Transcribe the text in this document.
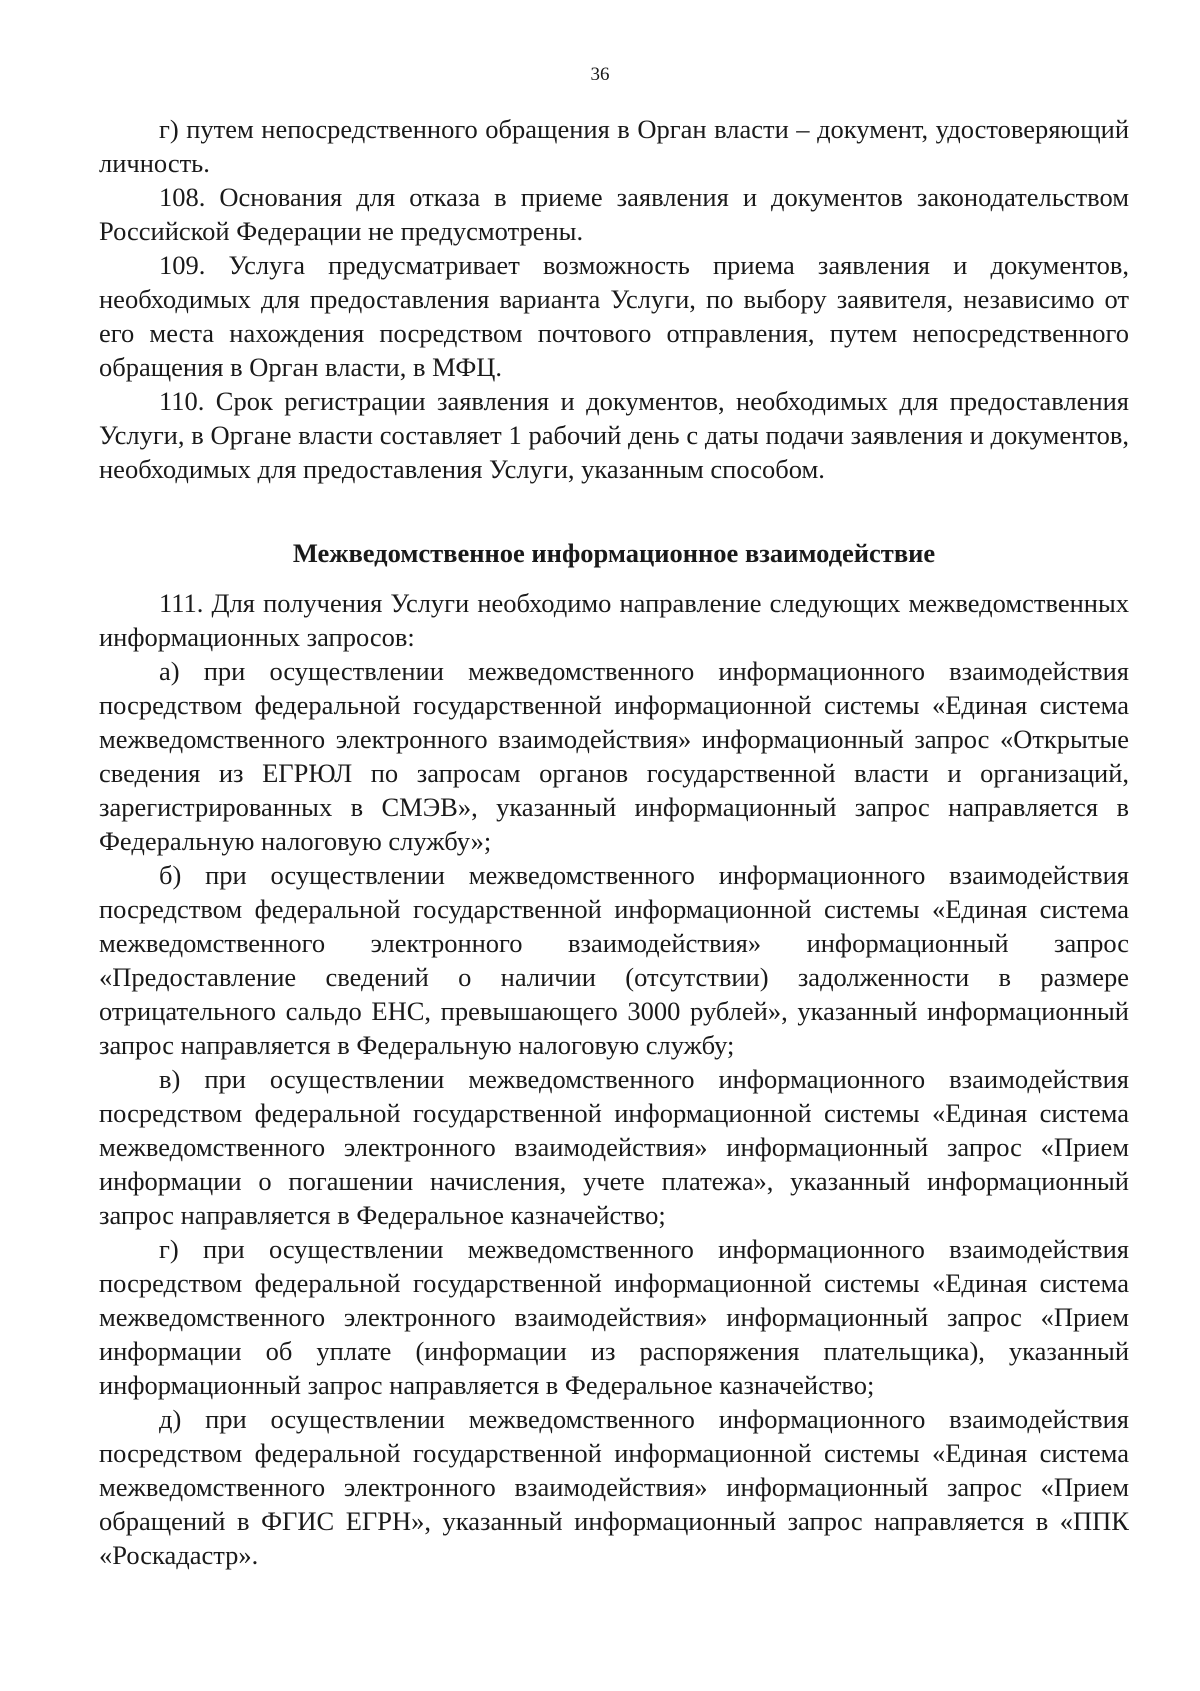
36

г) путем непосредственного обращения в Орган власти – документ, удостоверяющий личность.

108. Основания для отказа в приеме заявления и документов законодательством Российской Федерации не предусмотрены.

109. Услуга предусматривает возможность приема заявления и документов, необходимых для предоставления варианта Услуги, по выбору заявителя, независимо от его места нахождения посредством почтового отправления, путем непосредственного обращения в Орган власти, в МФЦ.

110. Срок регистрации заявления и документов, необходимых для предоставления Услуги, в Органе власти составляет 1 рабочий день с даты подачи заявления и документов, необходимых для предоставления Услуги, указанным способом.

Межведомственное информационное взаимодействие

111. Для получения Услуги необходимо направление следующих межведомственных информационных запросов:

а) при осуществлении межведомственного информационного взаимодействия посредством федеральной государственной информационной системы «Единая система межведомственного электронного взаимодействия» информационный запрос «Открытые сведения из ЕГРЮЛ по запросам органов государственной власти и организаций, зарегистрированных в СМЭВ», указанный информационный запрос направляется в Федеральную налоговую службу»;

б) при осуществлении межведомственного информационного взаимодействия посредством федеральной государственной информационной системы «Единая система межведомственного электронного взаимодействия» информационный запрос «Предоставление сведений о наличии (отсутствии) задолженности в размере отрицательного сальдо ЕНС, превышающего 3000 рублей», указанный информационный запрос направляется в Федеральную налоговую службу;

в) при осуществлении межведомственного информационного взаимодействия посредством федеральной государственной информационной системы «Единая система межведомственного электронного взаимодействия» информационный запрос «Прием информации о погашении начисления, учете платежа», указанный информационный запрос направляется в Федеральное казначейство;

г) при осуществлении межведомственного информационного взаимодействия посредством федеральной государственной информационной системы «Единая система межведомственного электронного взаимодействия» информационный запрос «Прием информации об уплате (информации из распоряжения плательщика), указанный информационный запрос направляется в Федеральное казначейство;

д) при осуществлении межведомственного информационного взаимодействия посредством федеральной государственной информационной системы «Единая система межведомственного электронного взаимодействия» информационный запрос «Прием обращений в ФГИС ЕГРН», указанный информационный запрос направляется в «ППК «Роскадастр».
